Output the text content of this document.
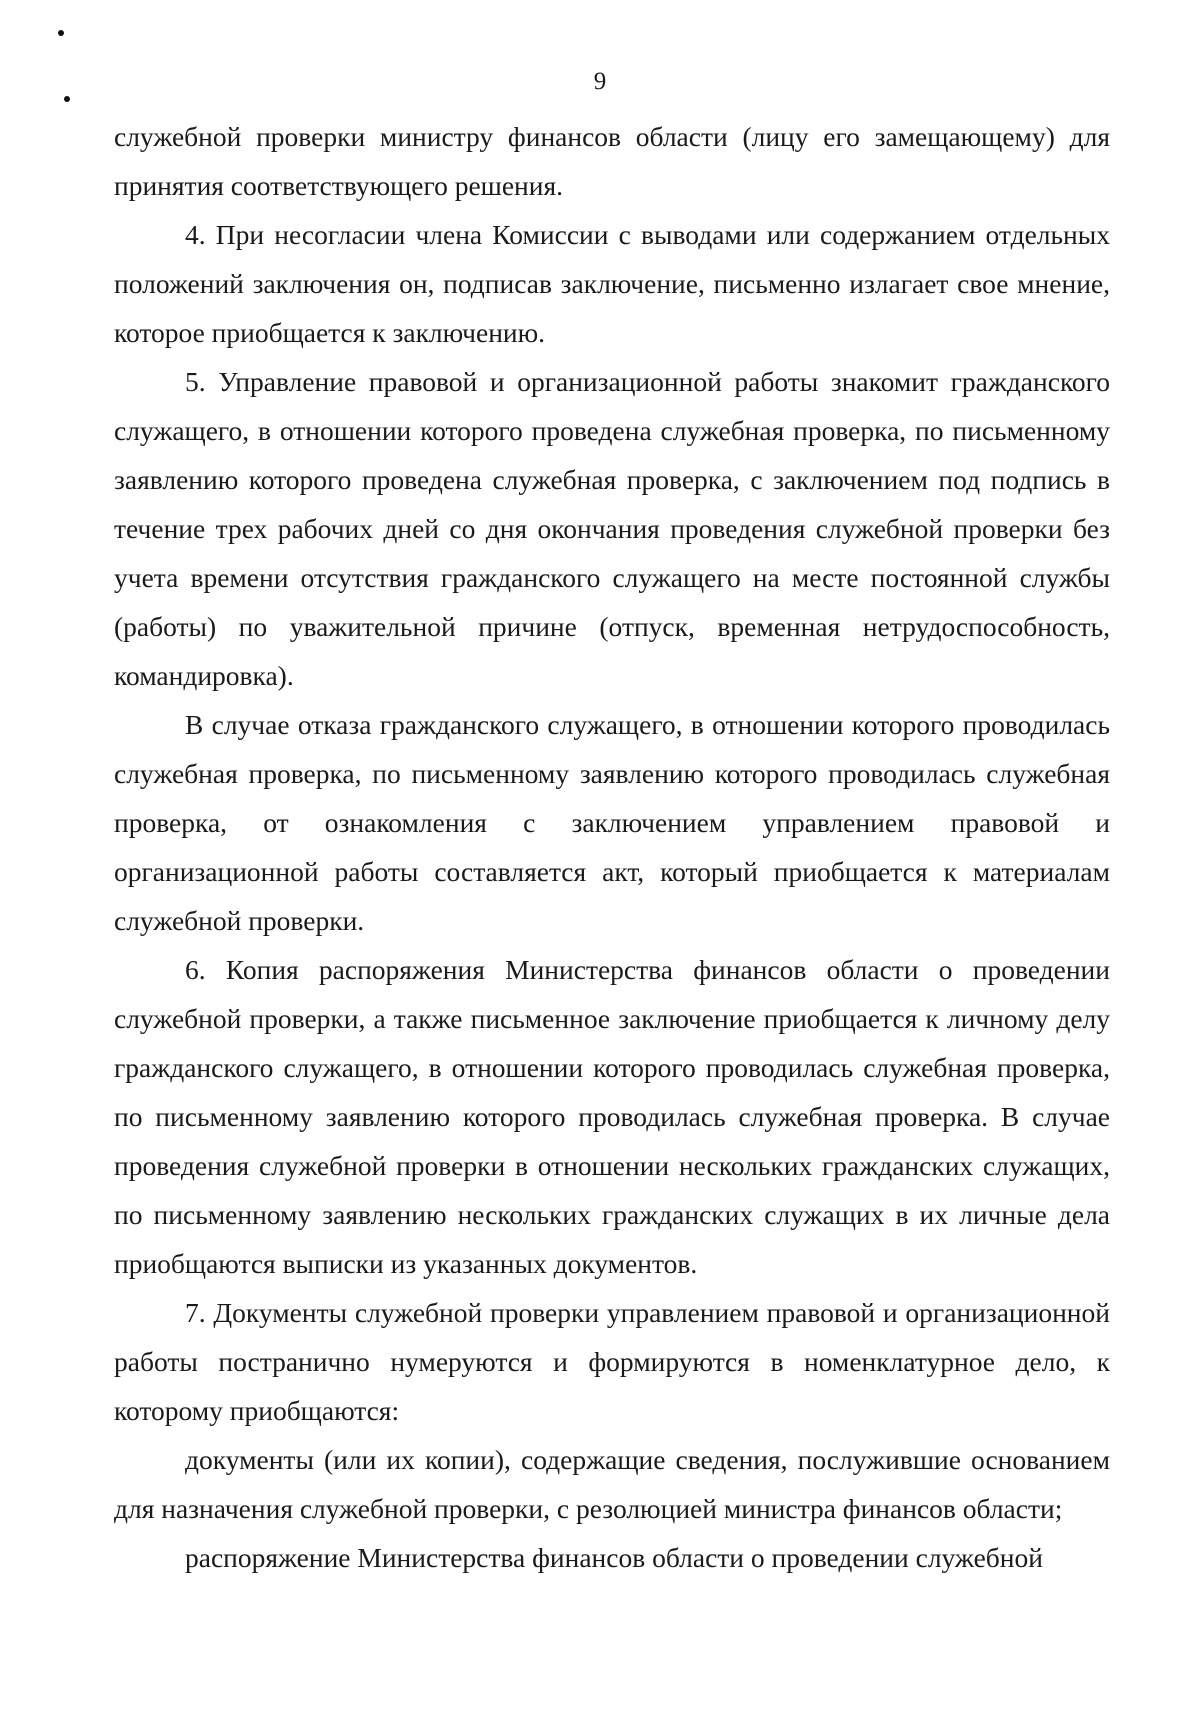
9

служебной проверки министру финансов области (лицу его замещающему) для принятия соответствующего решения.

4. При несогласии члена Комиссии с выводами или содержанием отдельных положений заключения он, подписав заключение, письменно излагает свое мнение, которое приобщается к заключению.

5. Управление правовой и организационной работы знакомит гражданского служащего, в отношении которого проведена служебная проверка, по письменному заявлению которого проведена служебная проверка, с заключением под подпись в течение трех рабочих дней со дня окончания проведения служебной проверки без учета времени отсутствия гражданского служащего на месте постоянной службы (работы) по уважительной причине (отпуск, временная нетрудоспособность, командировка).

В случае отказа гражданского служащего, в отношении которого проводилась служебная проверка, по письменному заявлению которого проводилась служебная проверка, от ознакомления с заключением управлением правовой и организационной работы составляется акт, который приобщается к материалам служебной проверки.

6. Копия распоряжения Министерства финансов области о проведении служебной проверки, а также письменное заключение приобщается к личному делу гражданского служащего, в отношении которого проводилась служебная проверка, по письменному заявлению которого проводилась служебная проверка. В случае проведения служебной проверки в отношении нескольких гражданских служащих, по письменному заявлению нескольких гражданских служащих в их личные дела приобщаются выписки из указанных документов.

7. Документы служебной проверки управлением правовой и организационной работы постранично нумеруются и формируются в номенклатурное дело, к которому приобщаются:

документы (или их копии), содержащие сведения, послужившие основанием для назначения служебной проверки, с резолюцией министра финансов области;

распоряжение Министерства финансов области о проведении служебной
